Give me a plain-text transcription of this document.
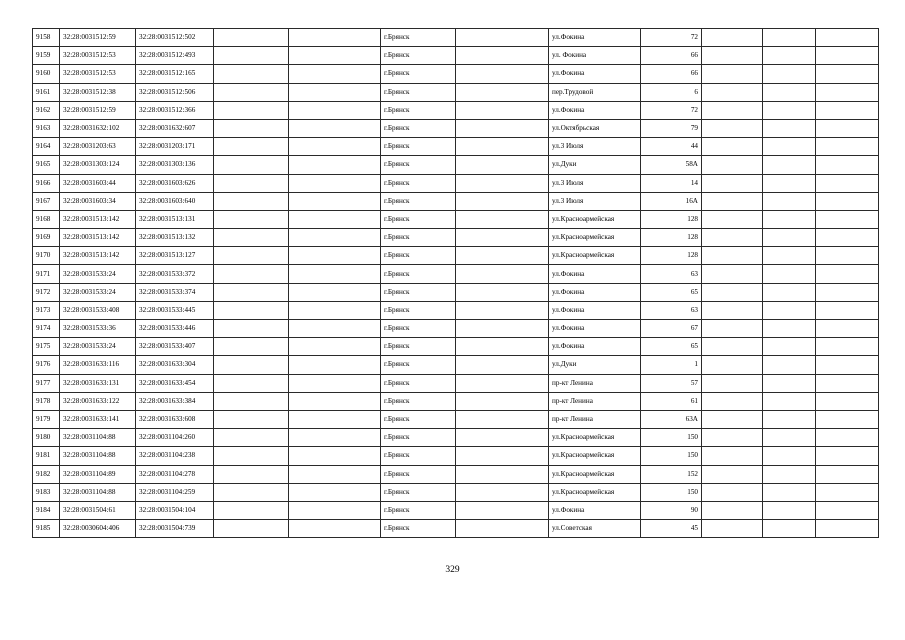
9158	32:28:0031512:59	32:28:0031512:502			г.Брянск		ул.Фокина	72			
9159	32:28:0031512:53	32:28:0031512:493			г.Брянск		ул. Фокина	66			
9160	32:28:0031512:53	32:28:0031512:165			г.Брянск		ул.Фокина	66			
9161	32:28:0031512:38	32:28:0031512:506			г.Брянск		пер.Трудовой	6			
9162	32:28:0031512:59	32:28:0031512:366			г.Брянск		ул.Фокина	72			
9163	32:28:0031632:102	32:28:0031632:607			г.Брянск		ул.Октябрьская	79			
9164	32:28:0031203:63	32:28:0031203:171			г.Брянск		ул.3 Июля	44			
9165	32:28:0031303:124	32:28:0031303:136			г.Брянск		ул.Дуки	58А			
9166	32:28:0031603:44	32:28:0031603:626			г.Брянск		ул.3 Июля	14			
9167	32:28:0031603:34	32:28:0031603:640			г.Брянск		ул.3 Июля	16А			
9168	32:28:0031513:142	32:28:0031513:131			г.Брянск		ул.Красноармейская	128			
9169	32:28:0031513:142	32:28:0031513:132			г.Брянск		ул.Красноармейская	128			
9170	32:28:0031513:142	32:28:0031513:127			г.Брянск		ул.Красноармейская	128			
9171	32:28:0031533:24	32:28:0031533:372			г.Брянск		ул.Фокина	63			
9172	32:28:0031533:24	32:28:0031533:374			г.Брянск		ул.Фокина	65			
9173	32:28:0031533:408	32:28:0031533:445			г.Брянск		ул.Фокина	63			
9174	32:28:0031533:36	32:28:0031533:446			г.Брянск		ул.Фокина	67			
9175	32:28:0031533:24	32:28:0031533:407			г.Брянск		ул.Фокина	65			
9176	32:28:0031633:116	32:28:0031633:304			г.Брянск		ул.Дуки	1			
9177	32:28:0031633:131	32:28:0031633:454			г.Брянск		пр-кт Ленина	57			
9178	32:28:0031633:122	32:28:0031633:384			г.Брянск		пр-кт Ленина	61			
9179	32:28:0031633:141	32:28:0031633:608			г.Брянск		пр-кт Ленина	63А			
9180	32:28:0031104:88	32:28:0031104:260			г.Брянск		ул.Красноармейская	150			
9181	32:28:0031104:88	32:28:0031104:238			г.Брянск		ул.Красноармейская	150			
9182	32:28:0031104:89	32:28:0031104:278			г.Брянск		ул.Красноармейская	152			
9183	32:28:0031104:88	32:28:0031104:259			г.Брянск		ул.Красноармейская	150			
9184	32:28:0031504:61	32:28:0031504:104			г.Брянск		ул.Фокина	90			
9185	32:28:0030604:406	32:28:0031504:739			г.Брянск		ул.Советская	45			
329
